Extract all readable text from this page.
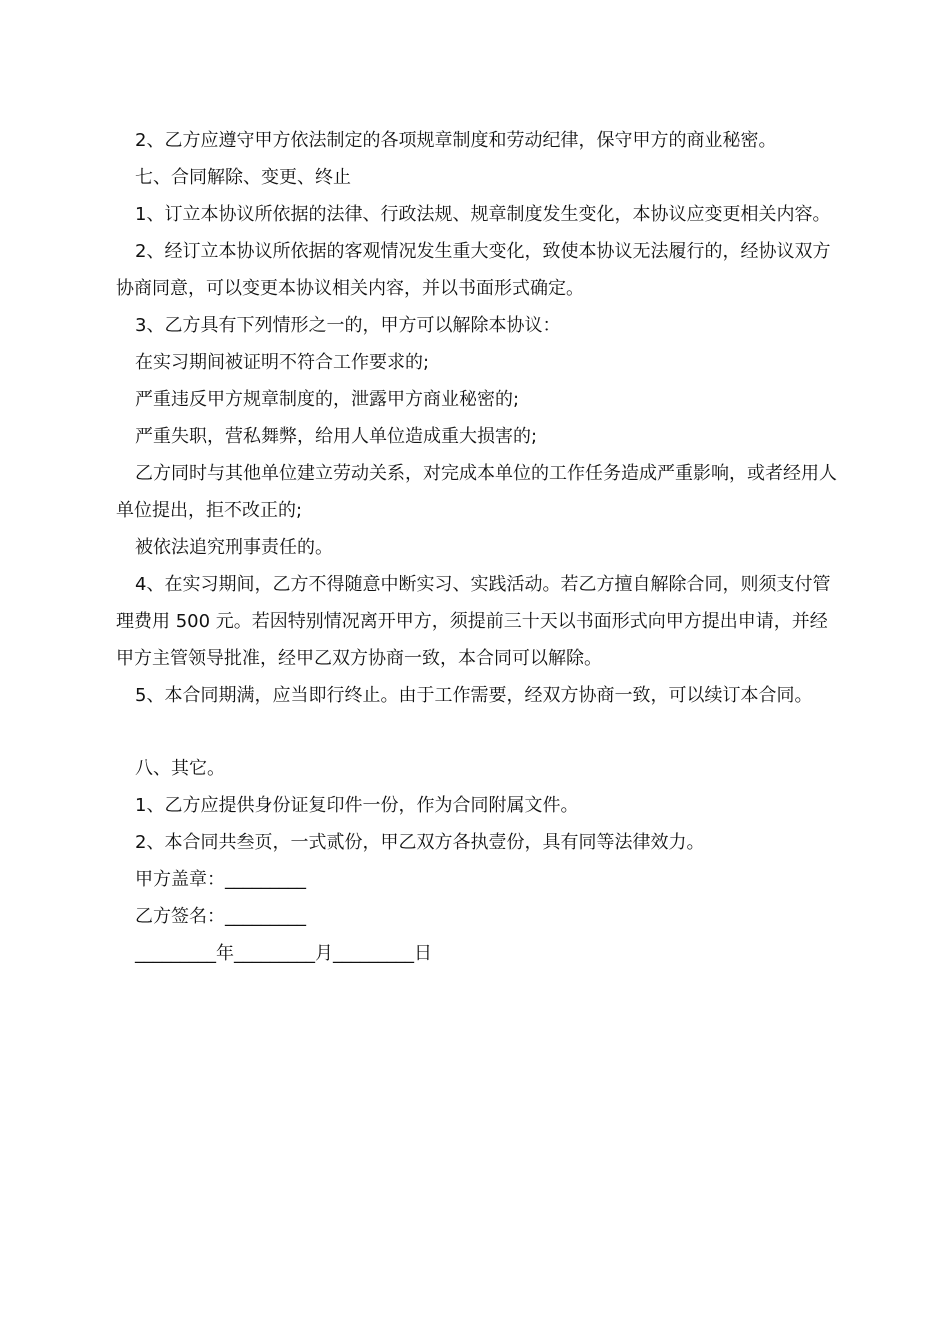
2、乙方应遵守甲方依法制定的各项规章制度和劳动纪律，保守甲方的商业秘密。

七、合同解除、变更、终止

1、订立本协议所依据的法律、行政法规、规章制度发生变化，本协议应变更相关内容。

2、经订立本协议所依据的客观情况发生重大变化，致使本协议无法履行的，经协议双方协商同意，可以变更本协议相关内容，并以书面形式确定。

3、乙方具有下列情形之一的，甲方可以解除本协议：

在实习期间被证明不符合工作要求的;

严重违反甲方规章制度的，泄露甲方商业秘密的;

严重失职，营私舞弊，给用人单位造成重大损害的;

乙方同时与其他单位建立劳动关系，对完成本单位的工作任务造成严重影响，或者经用人单位提出，拒不改正的;

被依法追究刑事责任的。

4、在实习期间，乙方不得随意中断实习、实践活动。若乙方擅自解除合同，则须支付管理费用 500 元。若因特别情况离开甲方，须提前三十天以书面形式向甲方提出申请，并经甲方主管领导批准，经甲乙双方协商一致，本合同可以解除。

5、本合同期满，应当即行终止。由于工作需要，经双方协商一致，可以续订本合同。

八、其它。

1、乙方应提供身份证复印件一份，作为合同附属文件。

2、本合同共叁页，一式贰份，甲乙双方各执壹份，具有同等法律效力。

甲方盖章：_________

乙方签名：_________

_________年_________月_________日
